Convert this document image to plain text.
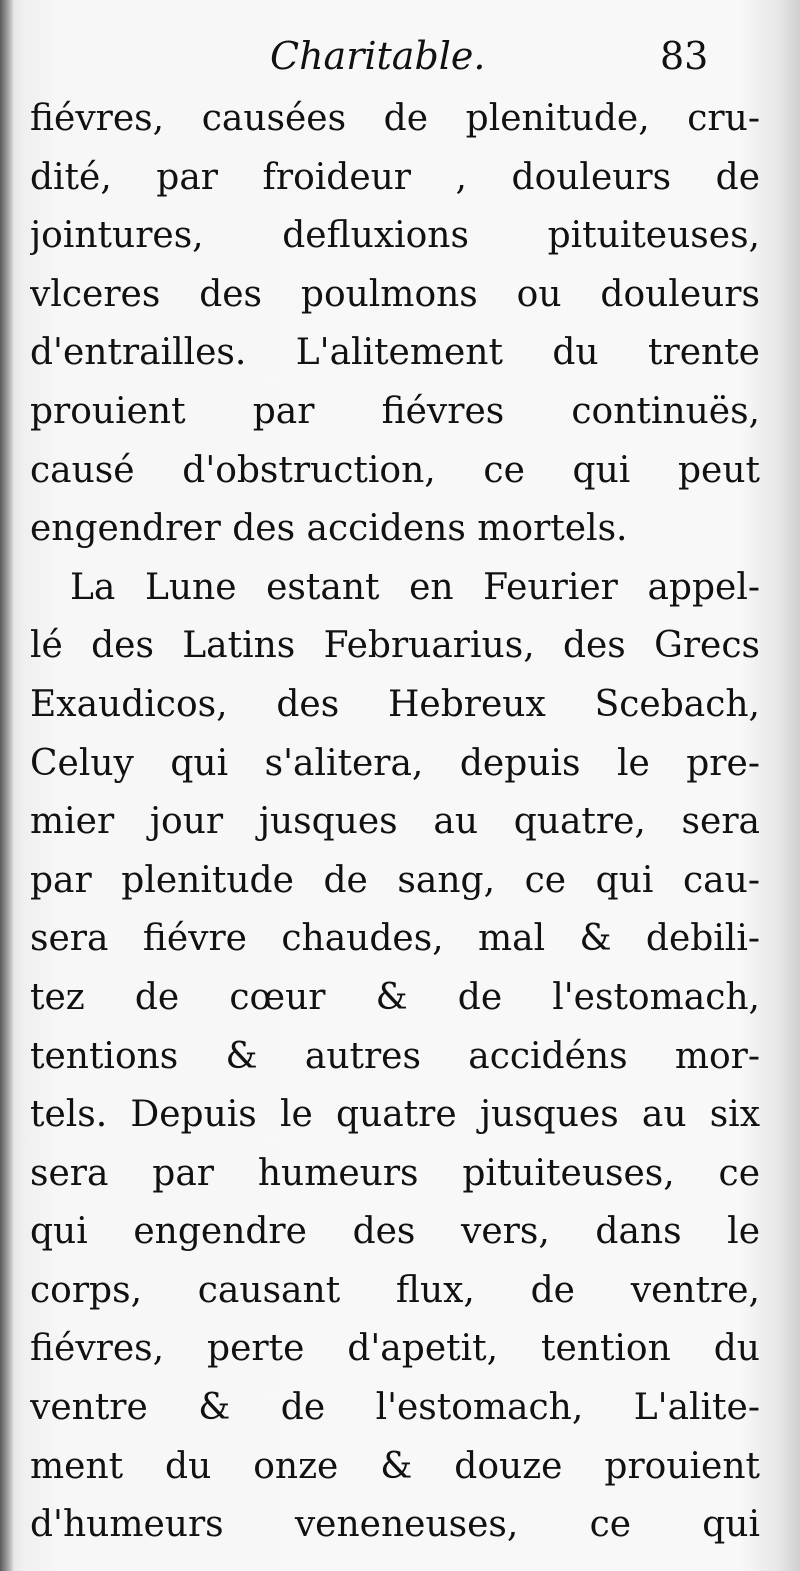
Charitable.	83
fiévres, causées de plenitude, cru-
dité, par froideur , douleurs de
jointures, defluxions pituiteuses,
vlceres des poulmons ou douleurs
d'entrailles. L'alitement du trente
prouient par fiévres continuës,
causé d'obstruction, ce qui peut
engendrer des accidens mortels.
La Lune estant en Feurier appel-
lé des Latins Februarius, des Grecs
Exaudicos, des Hebreux Scebach,
Celuy qui s'alitera, depuis le pre-
mier jour jusques au quatre, sera
par plenitude de sang, ce qui cau-
sera fiévre chaudes, mal & debili-
tez de cœur & de l'estomach,
tentions & autres accidéns mor-
tels. Depuis le quatre jusques au six
sera par humeurs pituiteuses, ce
qui engendre des vers, dans le
corps, causant flux, de ventre,
fiévres, perte d'apetit, tention du
ventre & de l'estomach, L'alite-
ment du onze & douze prouient
d'humeurs veneneuses, ce qui
